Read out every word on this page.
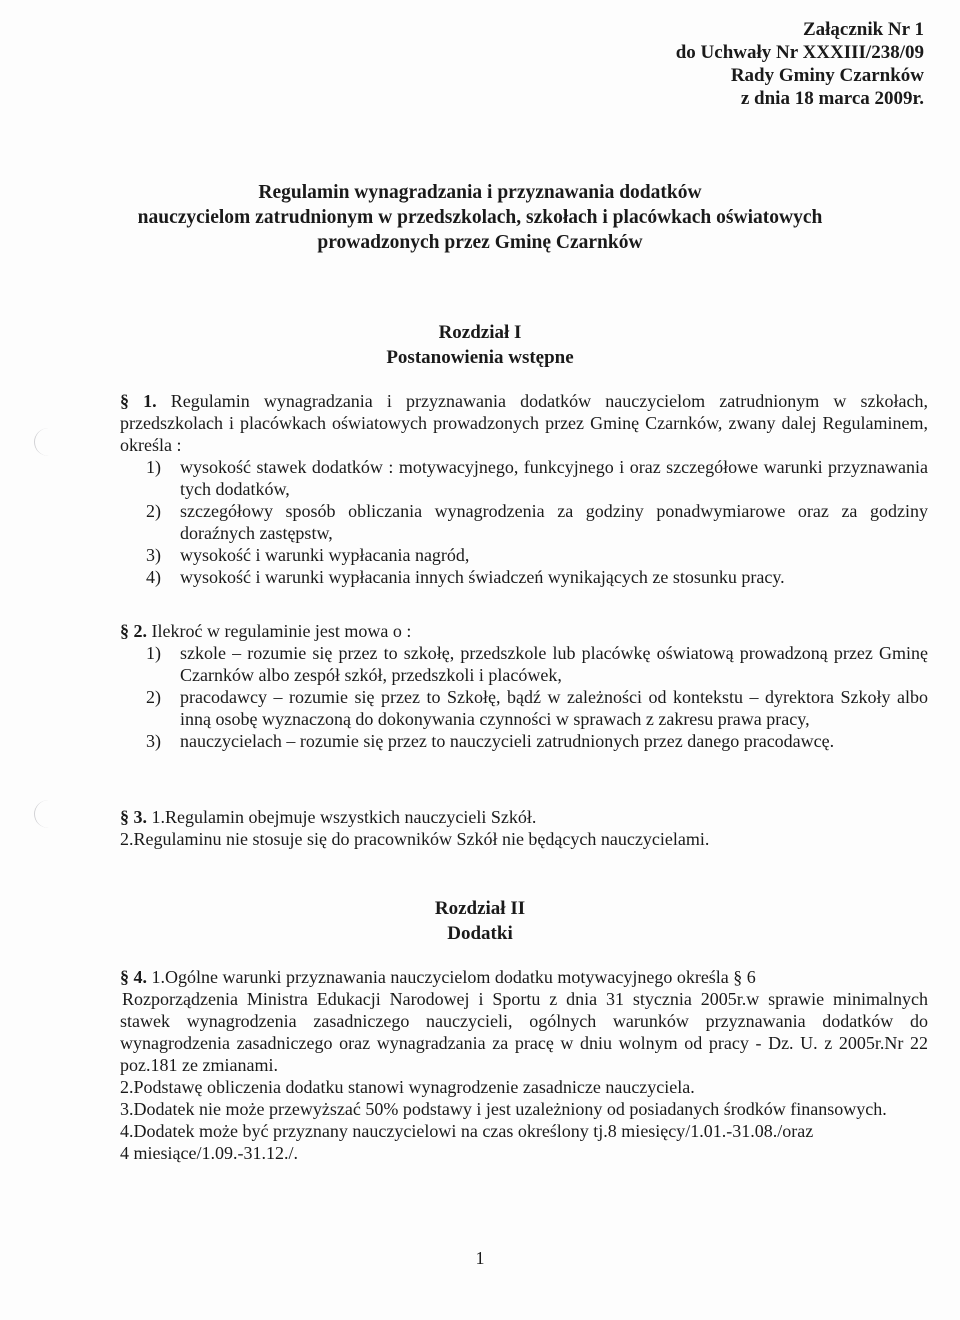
Załącznik Nr 1
do Uchwały Nr XXXIII/238/09
Rady Gminy Czarnków
z dnia 18 marca 2009r.
Regulamin wynagradzania i przyznawania dodatków
nauczycielom zatrudnionym w przedszkolach, szkołach i placówkach oświatowych
prowadzonych przez Gminę Czarnków
Rozdział I
Postanowienia wstępne
§ 1. Regulamin wynagradzania i przyznawania dodatków nauczycielom zatrudnionym w szkołach, przedszkolach i placówkach oświatowych prowadzonych przez Gminę Czarnków, zwany dalej Regulaminem, określa :
1)	wysokość stawek dodatków : motywacyjnego, funkcyjnego i oraz szczegółowe warunki przyznawania tych dodatków,
2)	szczegółowy sposób obliczania wynagrodzenia za godziny ponadwymiarowe oraz za godziny doraźnych zastępstw,
3)	wysokość i warunki wypłacania nagród,
4)	wysokość i warunki wypłacania innych świadczeń wynikających ze stosunku pracy.
§ 2. Ilekroć w regulaminie jest mowa o :
1)	szkole – rozumie się przez to szkołę, przedszkole lub placówkę oświatową prowadzoną przez Gminę Czarnków albo zespół szkół, przedszkoli i placówek,
2)	pracodawcy – rozumie się przez to Szkołę, bądź w zależności od kontekstu – dyrektora Szkoły albo inną osobę wyznaczoną do dokonywania czynności w sprawach z zakresu prawa pracy,
3)	nauczycielach – rozumie się przez to nauczycieli zatrudnionych przez danego pracodawcę.
§ 3. 1.Regulamin obejmuje wszystkich nauczycieli Szkół.
2.Regulaminu nie stosuje się do pracowników Szkół nie będących nauczycielami.
Rozdział II
Dodatki
§ 4. 1.Ogólne warunki przyznawania nauczycielom dodatku motywacyjnego określa § 6
Rozporządzenia Ministra Edukacji Narodowej i Sportu z dnia 31 stycznia 2005r.w sprawie minimalnych stawek wynagrodzenia zasadniczego nauczycieli, ogólnych warunków przyznawania dodatków do wynagrodzenia zasadniczego oraz wynagradzania za pracę w dniu wolnym od pracy - Dz. U. z 2005r.Nr 22 poz.181 ze zmianami.
2.Podstawę obliczenia dodatku stanowi wynagrodzenie zasadnicze nauczyciela.
3.Dodatek nie może przewyższać 50% podstawy i jest uzależniony od posiadanych środków finansowych.
4.Dodatek może być przyznany nauczycielowi na czas określony tj.8 miesięcy/1.01.-31.08./oraz
4 miesiące/1.09.-31.12./.
1
